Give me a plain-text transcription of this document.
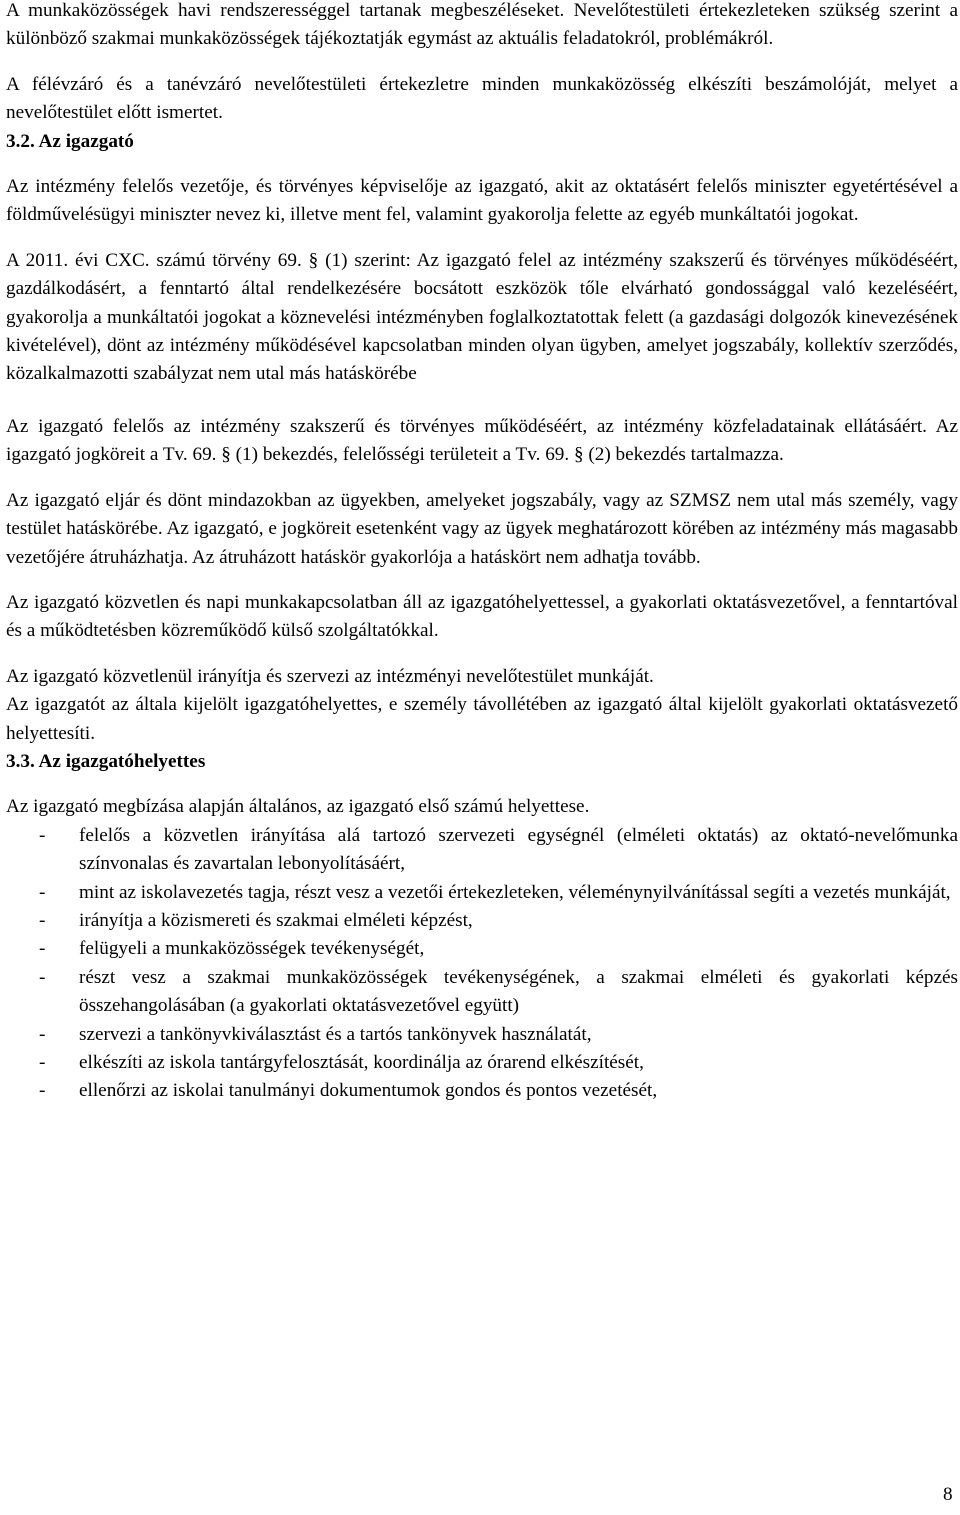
A munkaközösségek havi rendszerességgel tartanak megbeszéléseket. Nevelőtestületi értekezleteken szükség szerint a különböző szakmai munkaközösségek tájékoztatják egymást az aktuális feladatokról, problémákról.

A félévzáró és a tanévzáró nevelőtestületi értekezletre minden munkaközösség elkészíti beszámolóját, melyet a nevelőtestület előtt ismertet.

3.2. Az igazgató

Az intézmény felelős vezetője, és törvényes képviselője az igazgató, akit az oktatásért felelős miniszter egyetértésével a földművelésügyi miniszter nevez ki, illetve ment fel, valamint gyakorolja felette az egyéb munkáltatói jogokat.

A 2011. évi CXC. számú törvény 69. § (1) szerint: Az igazgató felel az intézmény szakszerű és törvényes működéséért, gazdálkodásért, a fenntartó által rendelkezésére bocsátott eszközök tőle elvárható gondossággal való kezeléséért, gyakorolja a munkáltatói jogokat a köznevelési intézményben foglalkoztatottak felett (a gazdasági dolgozók kinevezésének kivételével), dönt az intézmény működésével kapcsolatban minden olyan ügyben, amelyet jogszabály, kollektív szerződés, közalkalmazotti szabályzat nem utal más hatáskörébe

Az igazgató felelős az intézmény szakszerű és törvényes működéséért, az intézmény közfeladatainak ellátásáért. Az igazgató jogköreit a Tv. 69. § (1) bekezdés, felelősségi területeit a Tv. 69. § (2) bekezdés tartalmazza.

Az igazgató eljár és dönt mindazokban az ügyekben, amelyeket jogszabály, vagy az SZMSZ nem utal más személy, vagy testület hatáskörébe. Az igazgató, e jogköreit esetenként vagy az ügyek meghatározott körében az intézmény más magasabb vezetőjére átruházhatja. Az átruházott hatáskör gyakorlója a hatáskört nem adhatja tovább.

Az igazgató közvetlen és napi munkakapcsolatban áll az igazgatóhelyettessel, a gyakorlati oktatásvezetővel, a fenntartóval és a működtetésben közreműködő külső szolgáltatókkal.

Az igazgató közvetlenül irányítja és szervezi az intézményi nevelőtestület munkáját.

Az igazgatót az általa kijelölt igazgatóhelyettes, e személy távollétében az igazgató által kijelölt gyakorlati oktatásvezető helyettesíti.

3.3. Az igazgatóhelyettes

Az igazgató megbízása alapján általános, az igazgató első számú helyettese.

- felelős a közvetlen irányítása alá tartozó szervezeti egységnél (elméleti oktatás) az oktató-nevelőmunka színvonalas és zavartalan lebonyolításáért,
- mint az iskolavezetés tagja, részt vesz a vezetői értekezleteken, véleménynyilvánítással segíti a vezetés munkáját,
- irányítja a közismereti és szakmai elméleti képzést,
- felügyeli a munkaközösségek tevékenységét,
- részt vesz a szakmai munkaközösségek tevékenységének, a szakmai elméleti és gyakorlati képzés összehangolásában (a gyakorlati oktatásvezetővel együtt)
- szervezi a tankönyvkiválasztást és a tartós tankönyvek használatát,
- elkészíti az iskola tantárgyfelosztását, koordinálja az órarend elkészítését,
- ellenőrzi az iskolai tanulmányi dokumentumok gondos és pontos vezetését,
8
